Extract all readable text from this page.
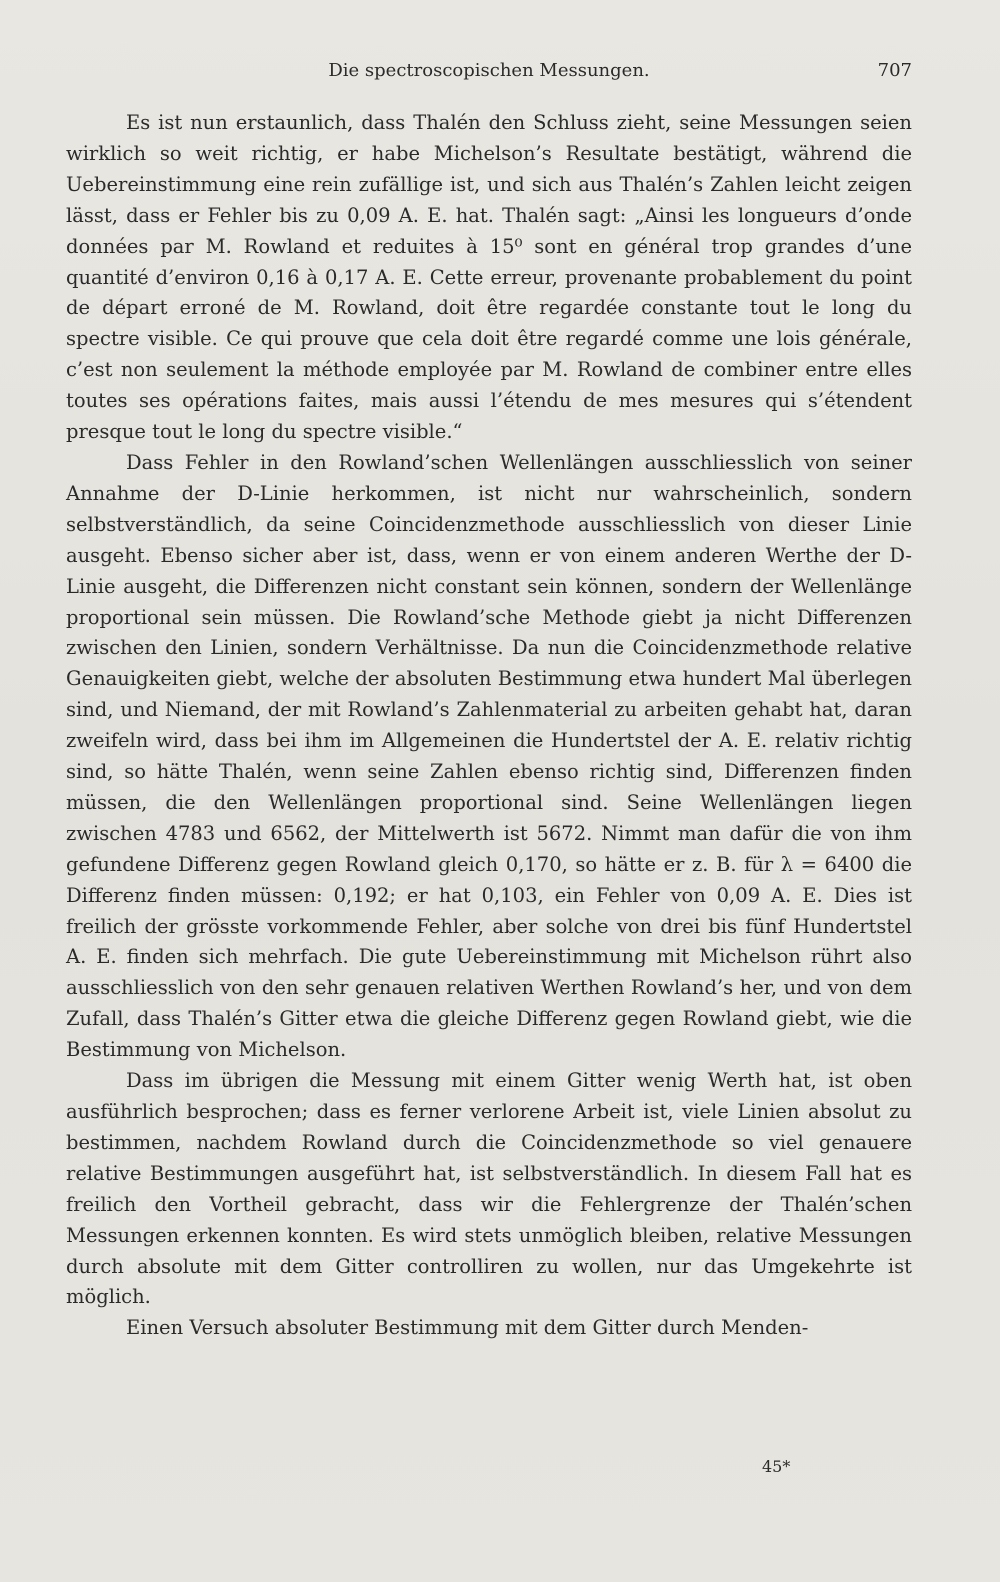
Die spectroscopischen Messungen.	707

Es ist nun erstaunlich, dass Thalén den Schluss zieht, seine Messungen seien wirklich so weit richtig, er habe Michelson’s Resultate bestätigt, während die Uebereinstimmung eine rein zufällige ist, und sich aus Thalén’s Zahlen leicht zeigen lässt, dass er Fehler bis zu 0,09 A. E. hat. Thalén sagt: „Ainsi les longueurs d’onde données par M. Rowland et reduites à 15⁰ sont en général trop grandes d’une quantité d’environ 0,16 à 0,17 A. E. Cette erreur, provenante probablement du point de départ erroné de M. Rowland, doit être regardée constante tout le long du spectre visible. Ce qui prouve que cela doit être regardé comme une lois générale, c’est non seulement la méthode employée par M. Rowland de combiner entre elles toutes ses opérations faites, mais aussi l’étendu de mes mesures qui s’étendent presque tout le long du spectre visible.“

Dass Fehler in den Rowland’schen Wellenlängen ausschliesslich von seiner Annahme der D-Linie herkommen, ist nicht nur wahrscheinlich, sondern selbstverständlich, da seine Coincidenzmethode ausschliesslich von dieser Linie ausgeht. Ebenso sicher aber ist, dass, wenn er von einem anderen Werthe der D-Linie ausgeht, die Differenzen nicht constant sein können, sondern der Wellenlänge proportional sein müssen. Die Rowland’sche Methode giebt ja nicht Differenzen zwischen den Linien, sondern Verhältnisse. Da nun die Coincidenzmethode relative Genauigkeiten giebt, welche der absoluten Bestimmung etwa hundert Mal überlegen sind, und Niemand, der mit Rowland’s Zahlenmaterial zu arbeiten gehabt hat, daran zweifeln wird, dass bei ihm im Allgemeinen die Hundertstel der A. E. relativ richtig sind, so hätte Thalén, wenn seine Zahlen ebenso richtig sind, Differenzen finden müssen, die den Wellenlängen proportional sind. Seine Wellenlängen liegen zwischen 4783 und 6562, der Mittelwerth ist 5672. Nimmt man dafür die von ihm gefundene Differenz gegen Rowland gleich 0,170, so hätte er z. B. für λ = 6400 die Differenz finden müssen: 0,192; er hat 0,103, ein Fehler von 0,09 A. E. Dies ist freilich der grösste vorkommende Fehler, aber solche von drei bis fünf Hundertstel A. E. finden sich mehrfach. Die gute Uebereinstimmung mit Michelson rührt also ausschliesslich von den sehr genauen relativen Werthen Rowland’s her, und von dem Zufall, dass Thalén’s Gitter etwa die gleiche Differenz gegen Rowland giebt, wie die Bestimmung von Michelson.

Dass im übrigen die Messung mit einem Gitter wenig Werth hat, ist oben ausführlich besprochen; dass es ferner verlorene Arbeit ist, viele Linien absolut zu bestimmen, nachdem Rowland durch die Coincidenzmethode so viel genauere relative Bestimmungen ausgeführt hat, ist selbstverständlich. In diesem Fall hat es freilich den Vortheil gebracht, dass wir die Fehlergrenze der Thalén’schen Messungen erkennen konnten. Es wird stets unmöglich bleiben, relative Messungen durch absolute mit dem Gitter controlliren zu wollen, nur das Umgekehrte ist möglich.

Einen Versuch absoluter Bestimmung mit dem Gitter durch Menden-

45*
